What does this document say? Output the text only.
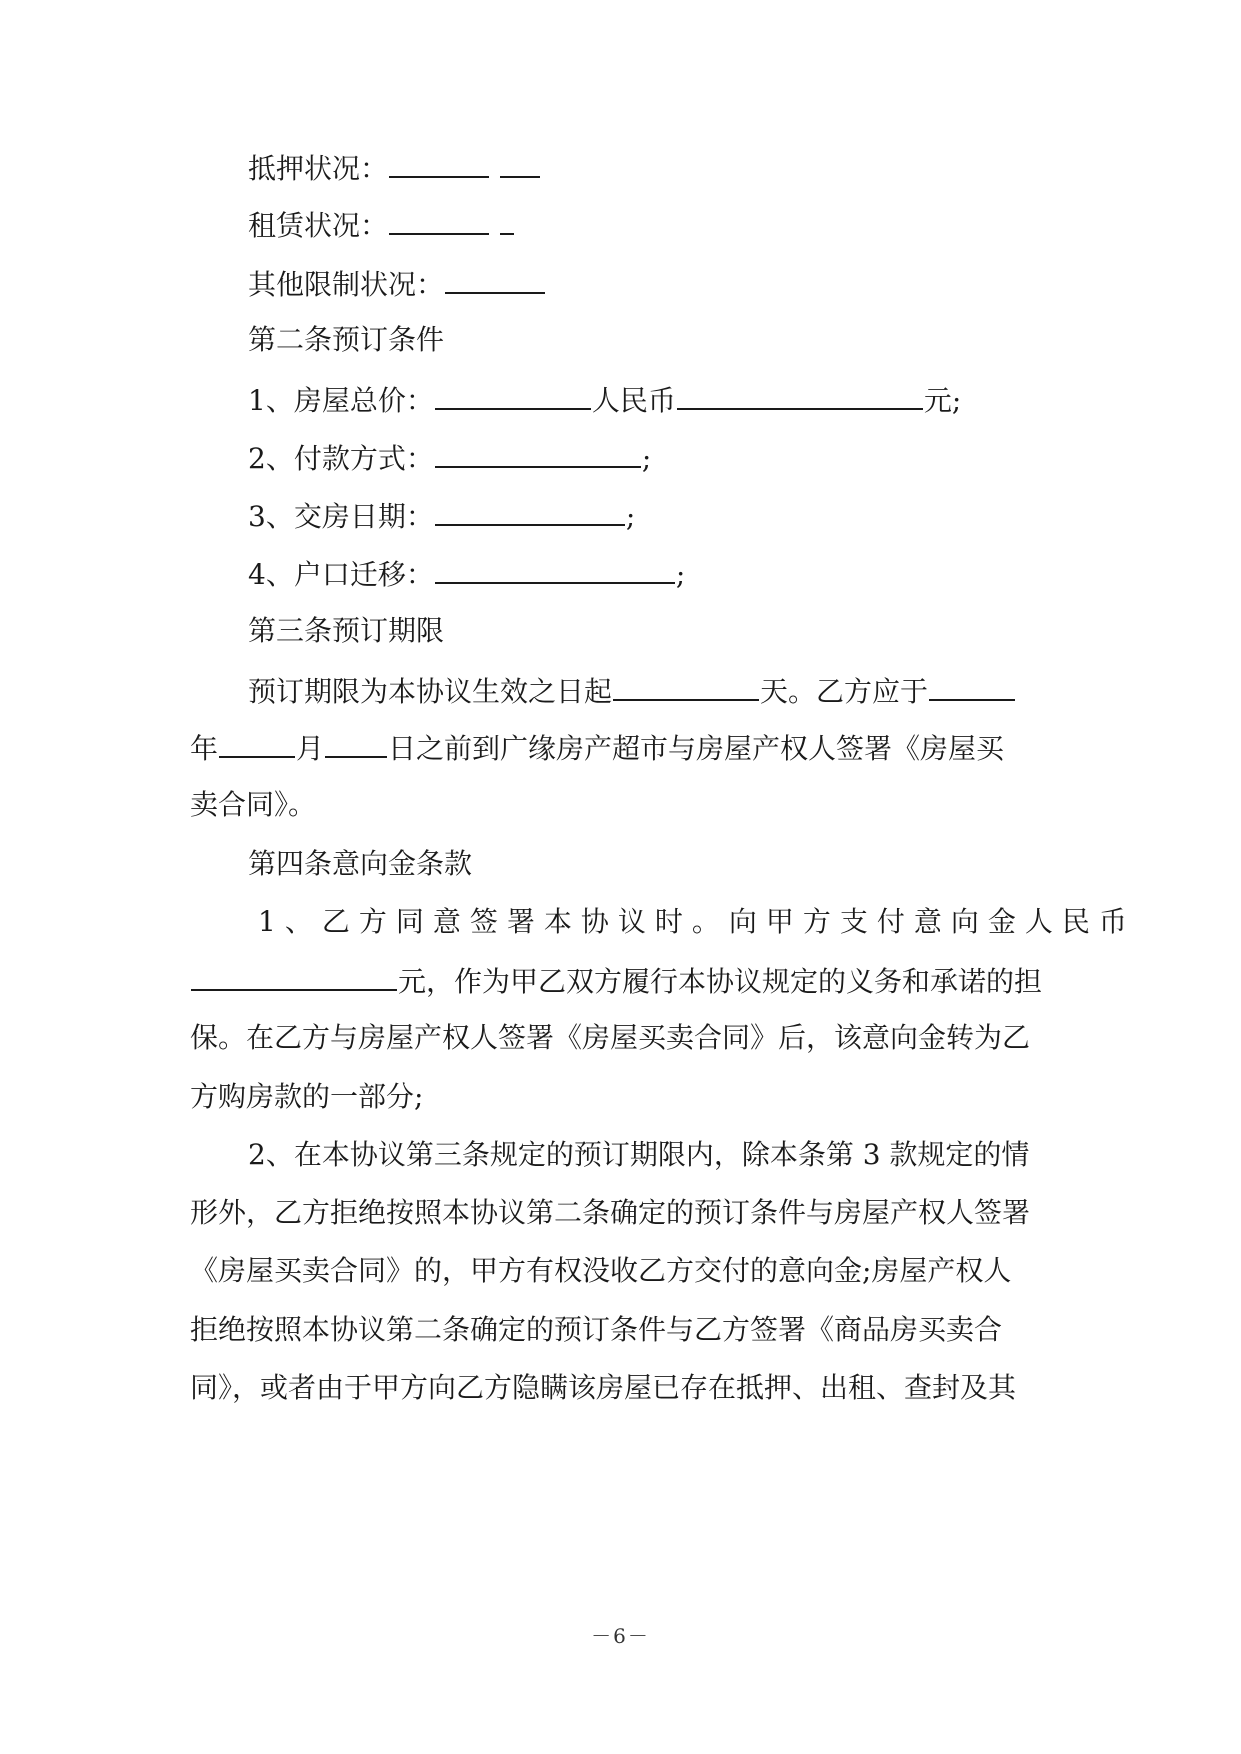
抵押状况：
租赁状况：
其他限制状况：
第二条预订条件
1、房屋总价：	人民币	元;
2、付款方式：	;
3、交房日期：	;
4、户口迁移：	;
第三条预订期限
预订期限为本协议生效之日起	天。乙方应于
年	月 日之前到广缘房产超市与房屋产权人签署《房屋买
卖合同》。
第四条意向金条款
1、乙方同意签署本协议时。向甲方支付意向金人民币
元，作为甲乙双方履行本协议规定的义务和承诺的担
保。在乙方与房屋产权人签署《房屋买卖合同》后，该意向金转为乙
方购房款的一部分;
2、在本协议第三条规定的预订期限内，除本条第 3 款规定的情
形外，乙方拒绝按照本协议第二条确定的预订条件与房屋产权人签署
《房屋买卖合同》的，甲方有权没收乙方交付的意向金;房屋产权人
拒绝按照本协议第二条确定的预订条件与乙方签署《商品房买卖合
同》，或者由于甲方向乙方隐瞒该房屋已存在抵押、出租、查封及其
－6－
